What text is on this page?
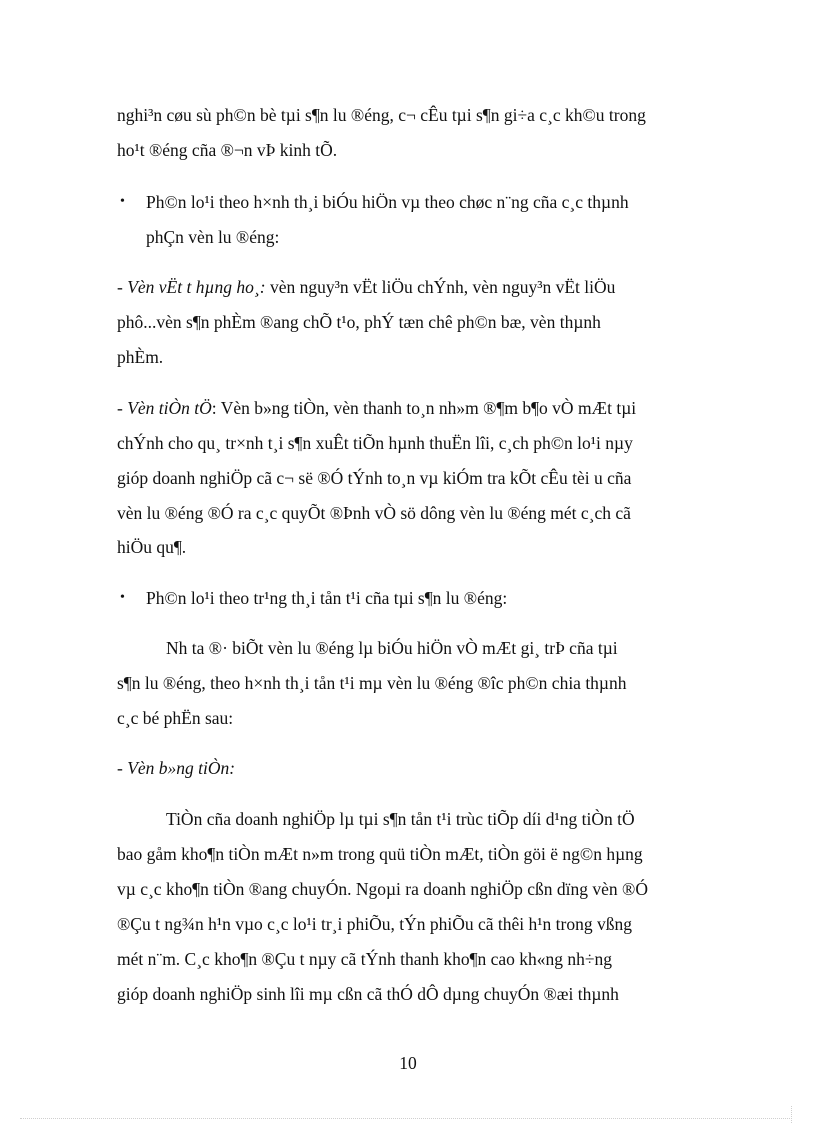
nghi³n cøu sù ph©n bè tµi s¶n lu ®éng, c¬ cÊu tµi s¶n gi÷a c¸c kh©u trong
ho¹t ®éng cña ®¬n vÞ kinh tÕ.
• Ph©n lo¹i theo h×nh th¸i biÓu hiÖn vµ theo chøc n¨ng cña c¸c thµnh
phÇn vèn lu ®éng:
- Vèn vËt t hµng ho¸: vèn nguy³n vËt liÖu chÝnh, vèn nguy³n vËt liÖu
phô...vèn s¶n phÈm ®ang chÕ t¹o, phÝ tæn chê ph©n bæ, vèn thµnh
phÈm.
- Vèn tiÒn tÖ: Vèn b»ng tiÒn, vèn thanh to¸n nh»m ®¶m b¶o vÒ mÆt tµi
chÝnh cho qu¸ tr×nh t¸i s¶n xuÊt tiÕn hµnh thuËn lîi, c¸ch ph©n lo¹i nµy
gióp doanh nghiÖp cã c¬ së ®Ó tÝnh to¸n vµ kiÓm tra kÕt cÊu tèi u cña
vèn lu ®éng ®Ó ra c¸c quyÕt ®Þnh vÒ sö dông vèn lu ®éng mét c¸ch cã
hiÖu qu¶.
• Ph©n lo¹i theo tr¹ng th¸i tån t¹i cña tµi s¶n lu ®éng:
Nh ta ®· biÕt vèn lu ®éng lµ biÓu hiÖn vÒ mÆt gi¸ trÞ cña tµi
s¶n lu ®éng, theo h×nh th¸i tån t¹i mµ vèn lu ®éng ®îc ph©n chia thµnh
c¸c bé phËn sau:
- Vèn b»ng tiÒn:
TiÒn cña doanh nghiÖp lµ tµi s¶n tån t¹i trùc tiÕp díi d¹ng tiÒn tÖ
bao gåm kho¶n tiÒn mÆt n»m trong quü tiÒn mÆt, tiÒn göi ë ng©n hµng
vµ c¸c kho¶n tiÒn ®ang chuyÓn. Ngoµi ra doanh nghiÖp cßn dïng vèn ®Ó
®Çu t ng¾n h¹n vµo c¸c lo¹i tr¸i phiÕu, tÝn phiÕu cã thêi h¹n trong vßng
mét n¨m. C¸c kho¶n ®Çu t nµy cã tÝnh thanh kho¶n cao kh«ng nh÷ng
gióp doanh nghiÖp sinh lîi mµ cßn cã thÓ dÔ dµng chuyÓn ®æi thµnh
10
